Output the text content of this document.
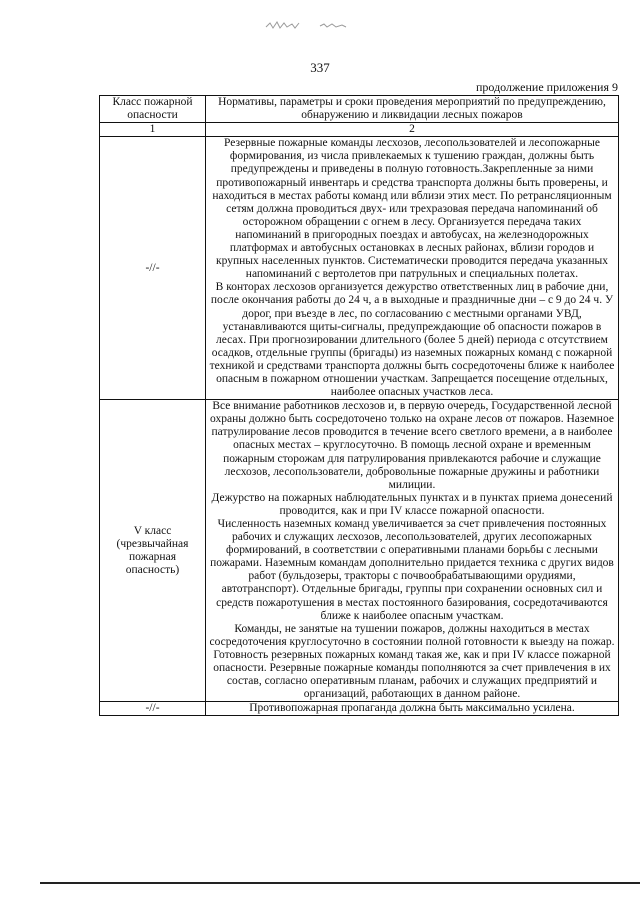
337
продолжение приложения 9
Класс пожарной опасности	Нормативы, параметры и сроки проведения мероприятий по предупреждению, обнаружению и ликвидации лесных пожаров
1	2
-//-	Резервные пожарные команды лесхозов, лесопользователей и лесопожарные формирования, из числа привлекаемых к тушению граждан, должны быть предупреждены и приведены в полную готовность.Закрепленные за ними противопожарный инвентарь и средства транспорта должны быть проверены, и находиться в местах работы команд или вблизи этих мест. По ретрансляционным сетям должна проводиться двух- или трехразовая передача напоминаний об осторожном обращении с огнем в лесу. Организуется передача таких напоминаний в пригородных поездах и автобусах, на железнодорожных платформах и автобусных остановках в лесных районах, вблизи городов и крупных населенных пунктов. Систематически проводится передача указанных напоминаний с вертолетов при патрульных и специальных полетах.

В конторах лесхозов организуется дежурство ответственных лиц в рабочие дни, после окончания работы до 24 ч, а в выходные и праздничные дни – с 9 до 24 ч. У дорог, при въезде в лес, по согласованию с местными органами УВД, устанавливаются щиты-сигналы, предупреждающие об опасности пожаров в лесах. При прогнозировании длительного (более 5 дней) периода с отсутствием осадков, отдельные группы (бригады) из наземных пожарных команд с пожарной техникой и средствами транспорта должны быть сосредоточены ближе к наиболее опасным в пожарном отношении участкам. Запрещается посещение отдельных, наиболее опасных участков леса.

V класс (чрезвычайная пожарная опасность)	Все внимание работников лесхозов и, в первую очередь, Государственной лесной охраны должно быть сосредоточено только на охране лесов от пожаров. Наземное патрулирование лесов проводится в течение всего светлого времени, а в наиболее опасных местах – круглосуточно. В помощь лесной охране и временным пожарным сторожам для патрулирования привлекаются рабочие и служащие лесхозов, лесопользователи, добровольные пожарные дружины и работники милиции.

Дежурство на пожарных наблюдательных пунктах и в пунктах приема донесений проводится, как и при IV классе пожарной опасности.

Численность наземных команд увеличивается за счет привлечения постоянных рабочих и служащих лесхозов, лесопользователей, других лесопожарных формирований, в соответствии с оперативными планами борьбы с лесными пожарами. Наземным командам дополнительно придается техника с других видов работ (бульдозеры, тракторы с почвообрабатывающими орудиями, автотранспорт). Отдельные бригады, группы при сохранении основных сил и средств пожаротушения в местах постоянного базирования, сосредотачиваются ближе к наиболее опасным участкам.

Команды, не занятые на тушении пожаров, должны находиться в местах сосредоточения круглосуточно в состоянии полной готовности к выезду на пожар.

Готовность резервных пожарных команд такая же, как и при IV классе пожарной опасности. Резервные пожарные команды пополняются за счет привлечения в их состав, согласно оперативным планам, рабочих и служащих предприятий и организаций, работающих в данном районе.

-//-	Противопожарная пропаганда должна быть максимально усилена.
